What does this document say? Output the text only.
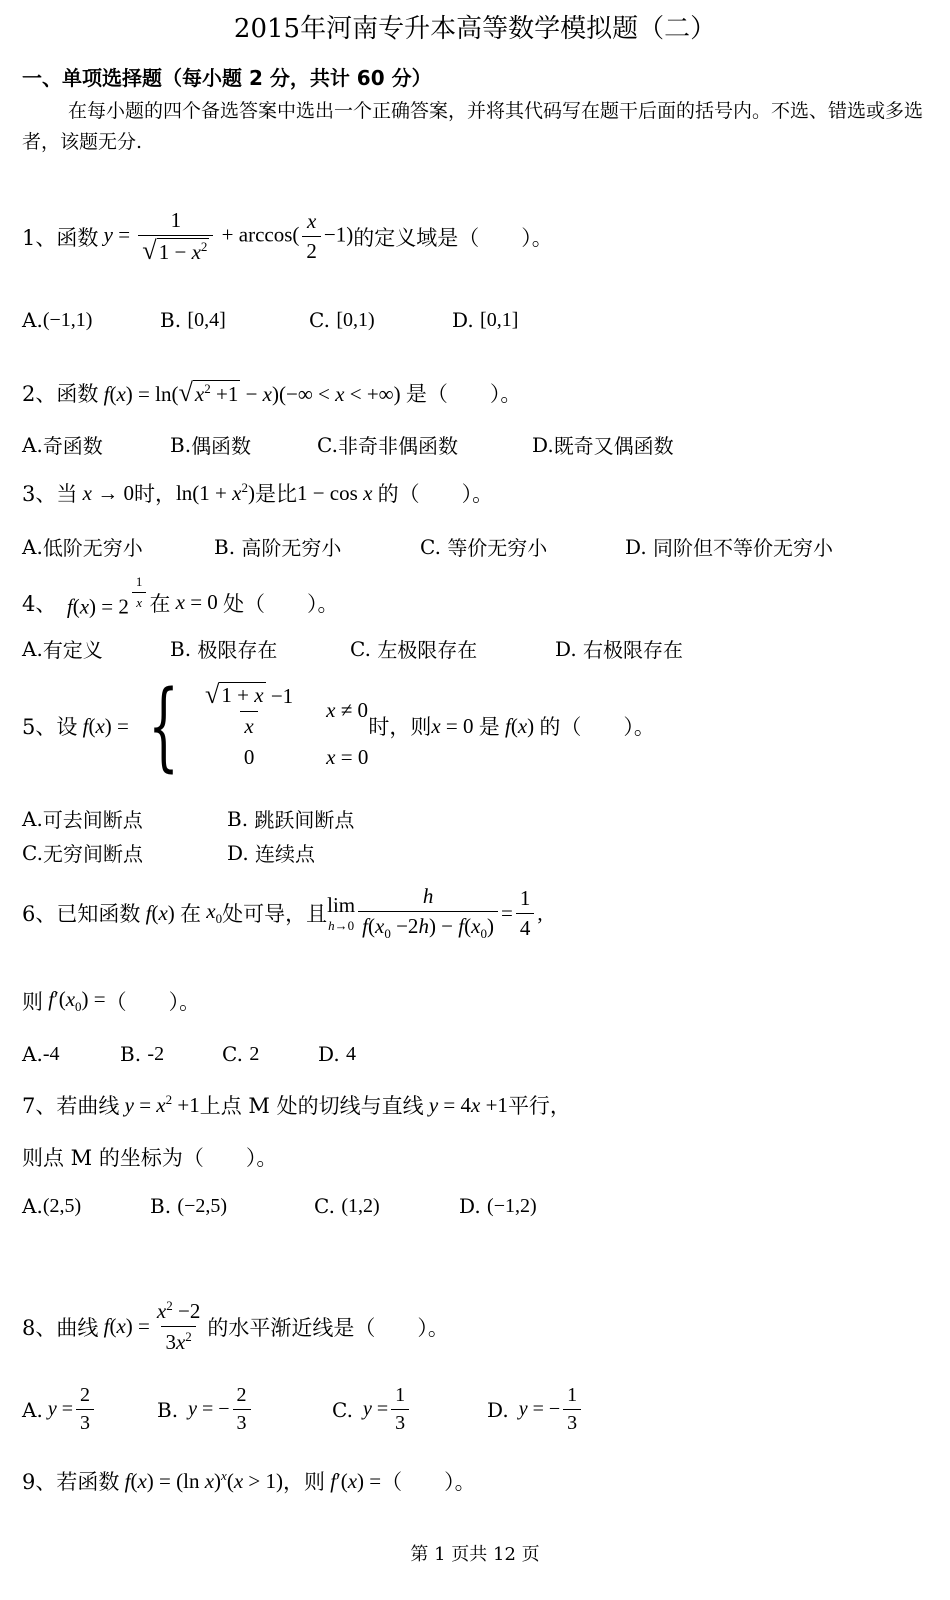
2015年河南专升本高等数学模拟题（二）
一、单项选择题（每小题 2 分，共计 60 分）
在每小题的四个备选答案中选出一个正确答案，并将其代码写在题干后面的括号内。不选、错选或多选者，该题无分.
1、 函数 $y = \frac{1}{√ 1 - x^2} + \arccos( \frac{x}{2} -1)$ 的定义域是（　　）。
A. (−1,1)	B.
[0,4]	C.
[0,1)	D.
[0,1]
2、 函数 f(x) = ln( √ $x^2 +1 - x)(-\infty < x$ < +∞) 是（　　）。
A. 奇函数	B. 偶函数	C. 非奇非偶函数	D. 既奇又偶函数
3、 当 x → 0 时， $\ln(1 + x^2)$ 是比 1 − cos x 的（　　）。
A. 低阶无穷小	B.
高阶无穷小	C.
等价无穷小	D.
同阶但不等价无穷小
4、 f(x) = 2 $^{\frac{1}{x}}$ 在 x = 0 处（　　）。
A. 有定义	B.
极限存在	C.
左极限存在	D.
右极限存在
5、 设 f(x) = { $\frac{√ 1 + x -1}{x}$ x ≠ 0
0	x = 0
时，则 x = 0 是 f(x) 的（　　）。
A. 可去间断点	B.
跳跃间断点
C. 无穷间断点	D.
连续点
6、 已知函数 f(x) 在 $x_0$ 处可导，且 lim
$h\to 0 \frac{h}{f(x_0 -2h) - f(x_0)} = \frac{1}{4}$ ,
则 $f'(x_0)$ = （　　）。
A. -4	B.
-2	C.
2	D.
4
7、 若曲线 $y = x^2 +1$ 上点 M 处的切线与直线 y = 4x +1 平行，
则点 M 的坐标为（　　）。
A. (2,5)	B.
(−2,5)	C.
(1,2)	D.
(−1,2)
8、 曲线 $f(x) = \frac{x^2 -2}{3x^2}$ 的水平渐近线是（　　）。
A. $y = \frac{2}{3}$	B. y = − $\frac{2}{3}$	C. $y = \frac{1}{3}$	D. y = − $\frac{1}{3}$
9、 若函数 f(x) = (ln x)$^x$(x > 1) ，则 f′(x) = （　　）。
第 1 页共 12 页
